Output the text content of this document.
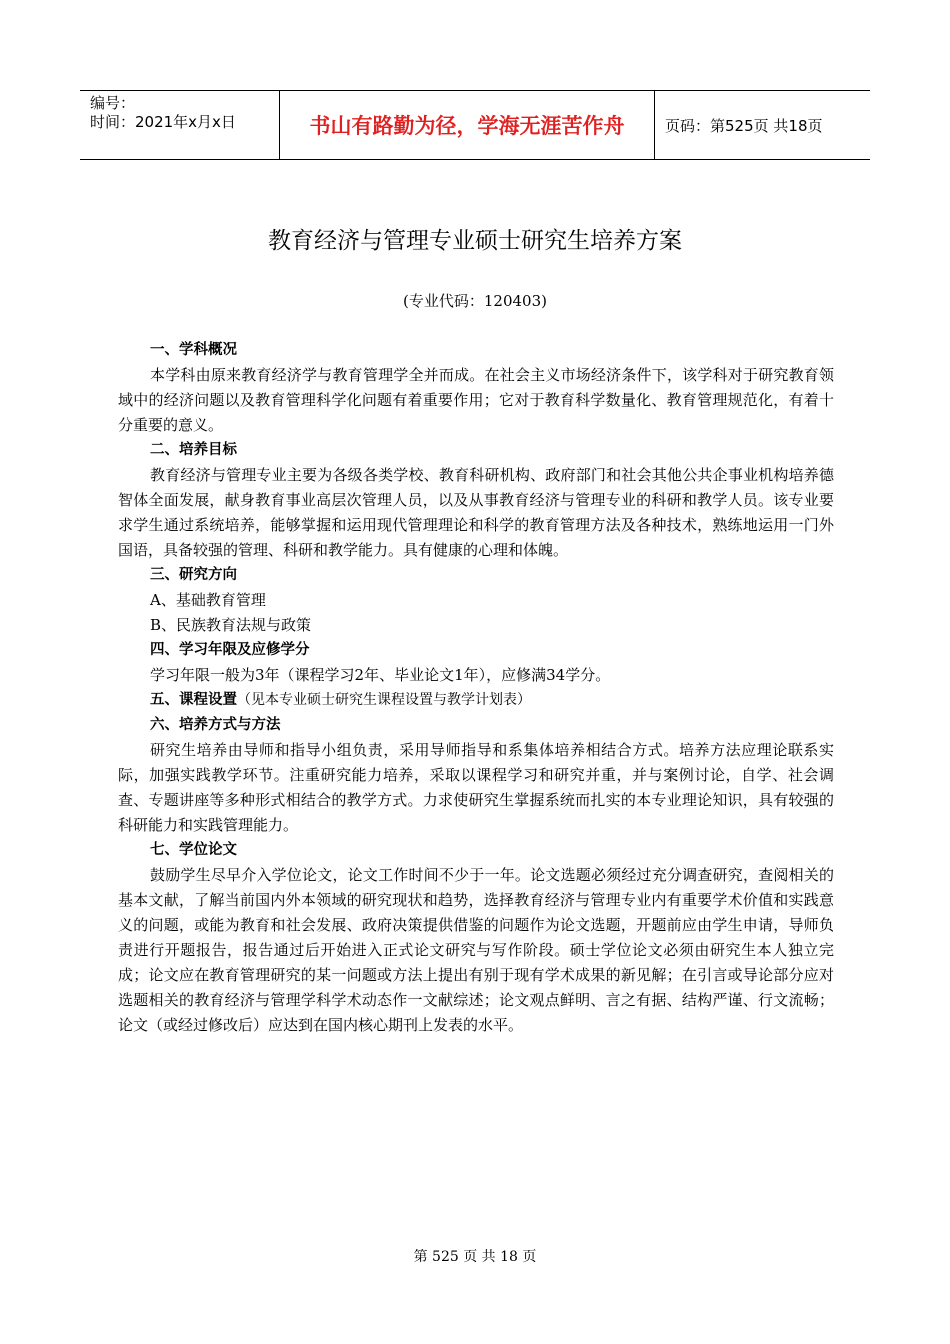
编号：
时间：2021年x月x日	书山有路勤为径，学海无涯苦作舟	页码：第525页 共18页
教育经济与管理专业硕士研究生培养方案
(专业代码：120403)
一、学科概况

本学科由原来教育经济学与教育管理学全并而成。在社会主义市场经济条件下，该学科对于研究教育领域中的经济问题以及教育管理科学化问题有着重要作用；它对于教育科学数量化、教育管理规范化，有着十分重要的意义。

二、培养目标

教育经济与管理专业主要为各级各类学校、教育科研机构、政府部门和社会其他公共企事业机构培养德智体全面发展，献身教育事业高层次管理人员，以及从事教育经济与管理专业的科研和教学人员。该专业要求学生通过系统培养，能够掌握和运用现代管理理论和科学的教育管理方法及各种技术，熟练地运用一门外国语，具备较强的管理、科研和教学能力。具有健康的心理和体魄。

三、研究方向
A、基础教育管理
B、民族教育法规与政策
四、学习年限及应修学分

学习年限一般为3年（课程学习2年、毕业论文1年），应修满34学分。

五、课程设置（见本专业硕士研究生课程设置与教学计划表）
六、培养方式与方法

研究生培养由导师和指导小组负责，采用导师指导和系集体培养相结合方式。培养方法应理论联系实际，加强实践教学环节。注重研究能力培养，采取以课程学习和研究并重，并与案例讨论，自学、社会调查、专题讲座等多种形式相结合的教学方式。力求使研究生掌握系统而扎实的本专业理论知识，具有较强的科研能力和实践管理能力。

七、学位论文

鼓励学生尽早介入学位论文，论文工作时间不少于一年。论文选题必须经过充分调查研究，查阅相关的基本文献，了解当前国内外本领域的研究现状和趋势，选择教育经济与管理专业内有重要学术价值和实践意义的问题，或能为教育和社会发展、政府决策提供借鉴的问题作为论文选题，开题前应由学生申请，导师负责进行开题报告，报告通过后开始进入正式论文研究与写作阶段。硕士学位论文必须由研究生本人独立完成；论文应在教育管理研究的某一问题或方法上提出有别于现有学术成果的新见解；在引言或导论部分应对选题相关的教育经济与管理学科学术动态作一文献综述；论文观点鲜明、言之有据、结构严谨、行文流畅；论文（或经过修改后）应达到在国内核心期刊上发表的水平。

第 525 页 共 18 页
